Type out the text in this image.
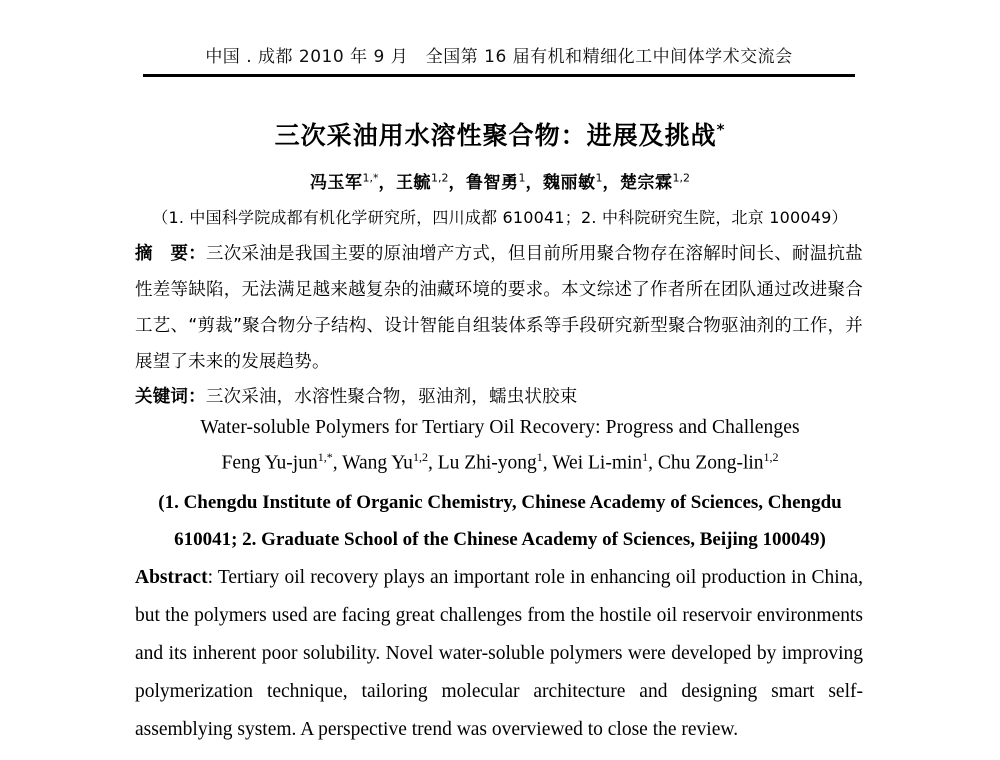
中国 . 成都 2010 年 9 月　全国第 16 届有机和精细化工中间体学术交流会
三次采油用水溶性聚合物：进展及挑战*
冯玉军$^{1,*}$，王毓$^{1,2}$，鲁智勇$^1$，魏丽敏$^1$，楚宗霖$^{1,2}$
（1. 中国科学院成都有机化学研究所，四川成都 610041；2. 中科院研究生院，北京 100049）
摘　要：三次采油是我国主要的原油增产方式，但目前所用聚合物存在溶解时间长、耐温抗盐性差等缺陷，无法满足越来越复杂的油藏环境的要求。本文综述了作者所在团队通过改进聚合工艺、“剪裁”聚合物分子结构、设计智能自组装体系等手段研究新型聚合物驱油剂的工作，并展望了未来的发展趋势。
关键词：三次采油，水溶性聚合物，驱油剂，蠕虫状胶束
Water-soluble Polymers for Tertiary Oil Recovery: Progress and Challenges
Feng Yu-jun$^{1,*}$, Wang Yu$^{1,2}$, Lu Zhi-yong$^1$, Wei $Li-\min^1$, Chu Zong-lin$^{1,2}$
(1. Chengdu Institute of Organic Chemistry, Chinese Academy of Sciences, Chengdu 610041; 2. Graduate School of the Chinese Academy of Sciences, Beijing 100049)
Abstract: Tertiary oil recovery plays an important role in enhancing oil production in China, but the polymers used are facing great challenges from the hostile oil reservoir environments and its inherent poor solubility. Novel water-soluble polymers were developed by improving polymerization technique, tailoring molecular architecture and designing smart self-assemblying system. A perspective trend was overviewed to close the review.
